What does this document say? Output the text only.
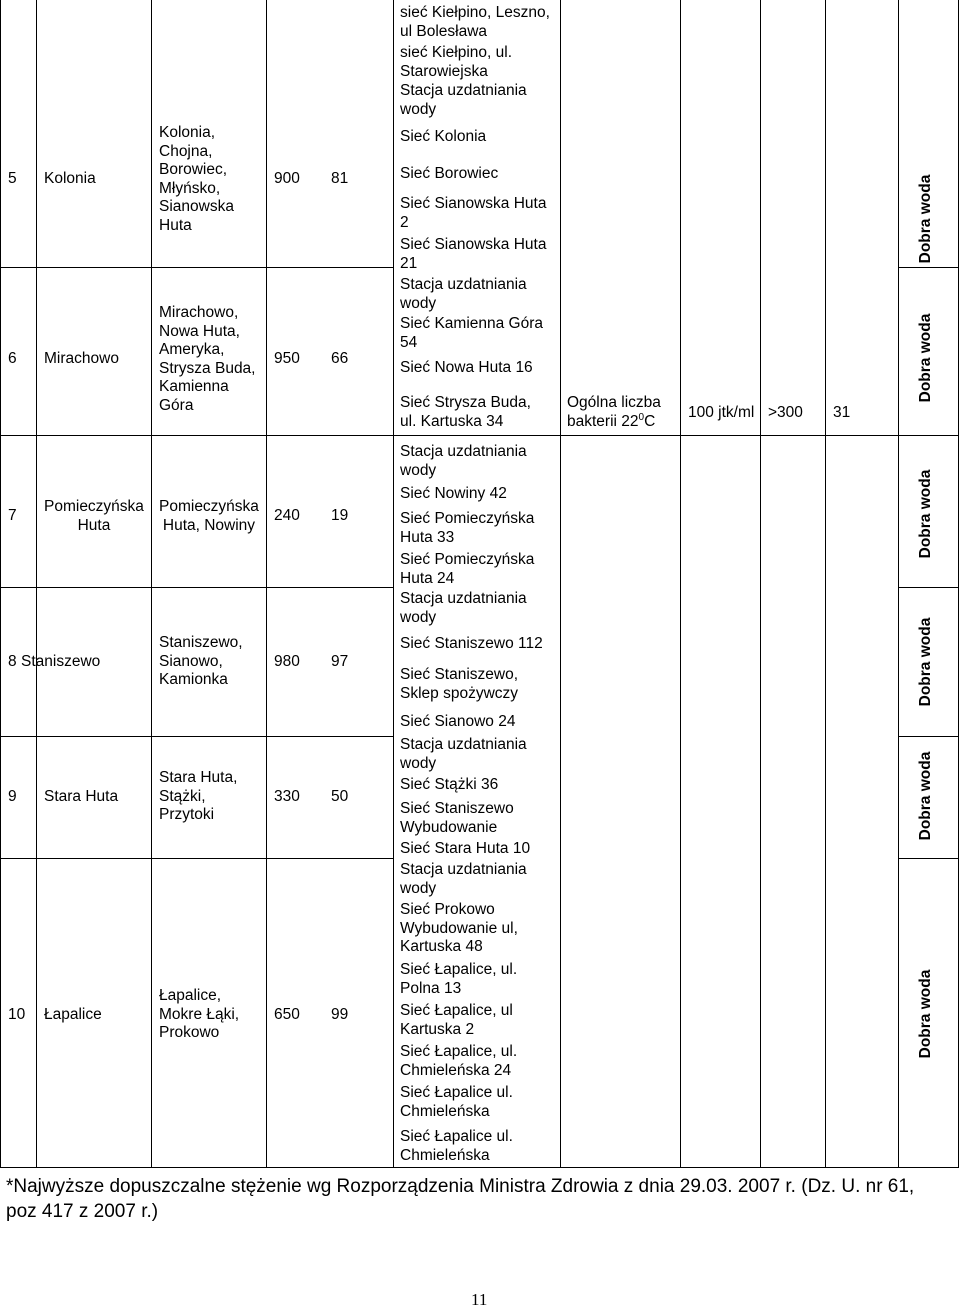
5 Kolonia
Kolonia,
Chojna,
Borowiec,
Młyńsko,
Sianowska
Huta
900 81
6 Mirachowo
Mirachowo,
Nowa Huta,
Ameryka,
Strysza Buda,
Kamienna
Góra
950 66
7
Pomieczyńska
Huta
Pomieczyńska
Huta, Nowiny
240 19
8 Staniszewo
Staniszewo,
Sianowo,
Kamionka
980 97
9 Stara Huta
Stara Huta,
Stążki,
Przytoki
330 50
10 Łapalice
Łapalice,
Mokre Łąki,
Prokowo
650 99
sieć Kiełpino, Leszno,
ul Bolesława
sieć Kiełpino, ul.
Starowiejska
Stacja uzdatniania
wody
Sieć Kolonia
Sieć Borowiec
Sieć Sianowska Huta
2
Sieć Sianowska Huta
21
Stacja uzdatniania
wody
Sieć Kamienna Góra
54
Sieć Nowa Huta 16
Sieć Strysza Buda,
ul. Kartuska 34
Stacja uzdatniania
wody
Sieć Nowiny 42
Sieć Pomieczyńska
Huta 33
Sieć Pomieczyńska
Huta 24
Stacja uzdatniania
wody
Sieć Staniszewo 112
Sieć Staniszewo,
Sklep spożywczy
Sieć Sianowo 24
Stacja uzdatniania
wody
Sieć Stążki 36
Sieć Staniszewo
Wybudowanie
Sieć Stara Huta 10
Stacja uzdatniania
wody
Sieć Prokowo
Wybudowanie ul,
Kartuska 48
Sieć Łapalice, ul.
Polna 13
Sieć Łapalice, ul
Kartuska 2
Sieć Łapalice, ul.
Chmieleńska 24
Sieć Łapalice ul.
Chmieleńska
Sieć Łapalice ul.
Chmieleńska
Ogólna liczba
bakterii $22^0C$	100 jtk/ml >300 31
Dobra woda
Dobra woda
Dobra woda
Dobra woda
Dobra woda
Dobra woda
*Najwyższe dopuszczalne stężenie wg Rozporządzenia Ministra Zdrowia z dnia 29.03. 2007 r. (Dz. U. nr 61,
poz 417 z 2007 r.)
11
